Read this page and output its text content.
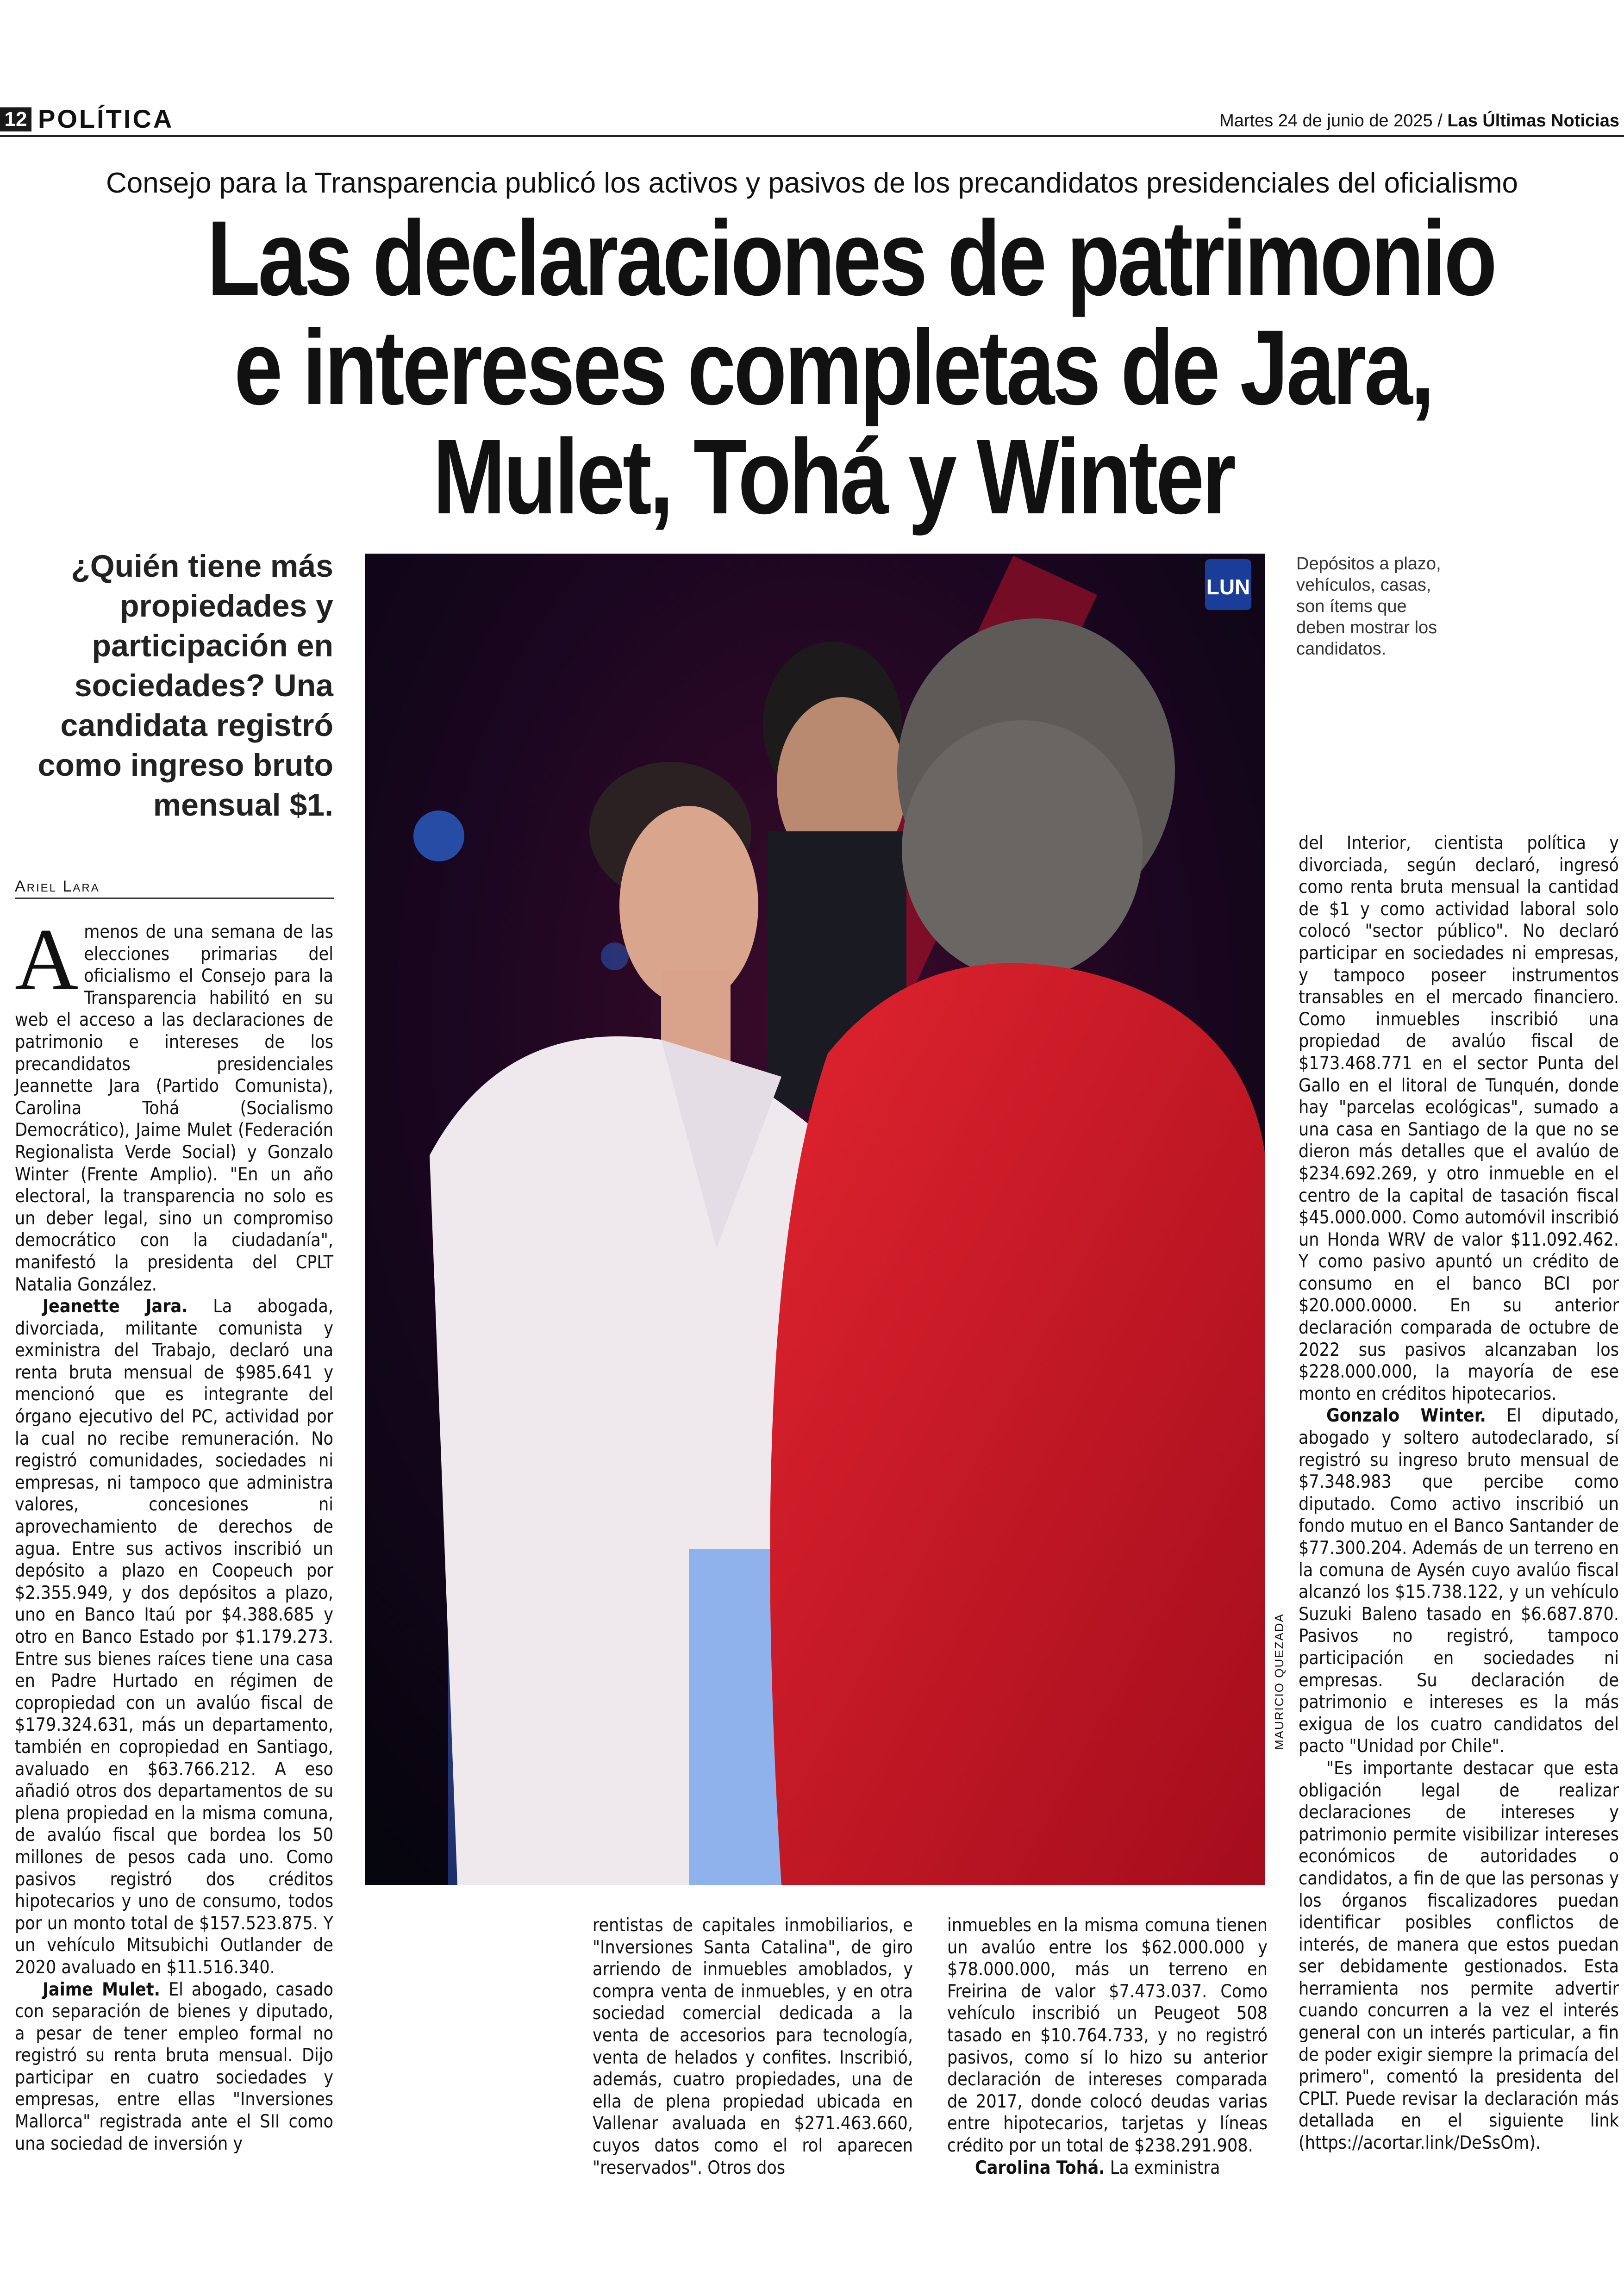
12 POLÍTICA	Martes 24 de junio de 2025 / Las Últimas Noticias
Consejo para la Transparencia publicó los activos y pasivos de los precandidatos presidenciales del oficialismo
Las declaraciones de patrimonio
e intereses completas de Jara,
Mulet, Tohá y Winter
¿Quién tiene más propiedades y participación en sociedades? Una candidata registró como ingreso bruto mensual $1.
Ariel Lara
LUN
MAURICIO QUEZADA
Depósitos a plazo, vehículos, casas, son ítems que deben mostrar los candidatos.

Amenos de una semana de las elecciones primarias del oficialismo el Consejo para la Transparencia habilitó en su web el acceso a las declaraciones de patrimonio e intereses de los precandidatos presidenciales Jeannette Jara (Partido Comunista), Carolina Tohá (Socialismo Democrático), Jaime Mulet (Federación Regionalista Verde Social) y Gonzalo Winter (Frente Amplio). "En un año electoral, la transparencia no solo es un deber legal, sino un compromiso democrático con la ciudadanía", manifestó la presidenta del CPLT Natalia González.

Jeanette Jara. La abogada, divorciada, militante comunista y exministra del Trabajo, declaró una renta bruta mensual de $985.641 y mencionó que es integrante del órgano ejecutivo del PC, actividad por la cual no recibe remuneración. No registró comunidades, sociedades ni empresas, ni tampoco que administra valores, concesiones ni aprovechamiento de derechos de agua. Entre sus activos inscribió un depósito a plazo en Coopeuch por $2.355.949, y dos depósitos a plazo, uno en Banco Itaú por $4.388.685 y otro en Banco Estado por $1.179.273. Entre sus bienes raíces tiene una casa en Padre Hurtado en régimen de copropiedad con un avalúo fiscal de $179.324.631, más un departamento, también en copropiedad en Santiago, avaluado en $63.766.212. A eso añadió otros dos departamentos de su plena propiedad en la misma comuna, de avalúo fiscal que bordea los 50 millones de pesos cada uno. Como pasivos registró dos créditos hipotecarios y uno de consumo, todos por un monto total de $157.523.875. Y un vehículo Mitsubichi Outlander de 2020 avaluado en $11.516.340.

Jaime Mulet. El abogado, casado con separación de bienes y diputado, a pesar de tener empleo formal no registró su renta bruta mensual. Dijo participar en cuatro sociedades y empresas, entre ellas "Inversiones Mallorca" registrada ante el SII como una sociedad de inversión y

rentistas de capitales inmobiliarios, e "Inversiones Santa Catalina", de giro arriendo de inmuebles amoblados, y compra venta de inmuebles, y en otra sociedad comercial dedicada a la venta de accesorios para tecnología, venta de helados y confites. Inscribió, además, cuatro propiedades, una de ella de plena propiedad ubicada en Vallenar avaluada en $271.463.660, cuyos datos como el rol aparecen "reservados". Otros dos

inmuebles en la misma comuna tienen un avalúo entre los $62.000.000 y $78.000.000, más un terreno en Freirina de valor $7.473.037. Como vehículo inscribió un Peugeot 508 tasado en $10.764.733, y no registró pasivos, como sí lo hizo su anterior declaración de intereses comparada de 2017, donde colocó deudas varias entre hipotecarios, tarjetas y líneas crédito por un total de $238.291.908.

Carolina Tohá. La exministra

del Interior, cientista política y divorciada, según declaró, ingresó como renta bruta mensual la cantidad de $1 y como actividad laboral solo colocó "sector público". No declaró participar en sociedades ni empresas, y tampoco poseer instrumentos transables en el mercado financiero. Como inmuebles inscribió una propiedad de avalúo fiscal de $173.468.771 en el sector Punta del Gallo en el litoral de Tunquén, donde hay "parcelas ecológicas", sumado a una casa en Santiago de la que no se dieron más detalles que el avalúo de $234.692.269, y otro inmueble en el centro de la capital de tasación fiscal $45.000.000. Como automóvil inscribió un Honda WRV de valor $11.092.462. Y como pasivo apuntó un crédito de consumo en el banco BCI por $20.000.0000. En su anterior declaración comparada de octubre de 2022 sus pasivos alcanzaban los $228.000.000, la mayoría de ese monto en créditos hipotecarios.

Gonzalo Winter. El diputado, abogado y soltero autodeclarado, sí registró su ingreso bruto mensual de $7.348.983 que percibe como diputado. Como activo inscribió un fondo mutuo en el Banco Santander de $77.300.204. Además de un terreno en la comuna de Aysén cuyo avalúo fiscal alcanzó los $15.738.122, y un vehículo Suzuki Baleno tasado en $6.687.870. Pasivos no registró, tampoco participación en sociedades ni empresas. Su declaración de patrimonio e intereses es la más exigua de los cuatro candidatos del pacto "Unidad por Chile".

"Es importante destacar que esta obligación legal de realizar declaraciones de intereses y patrimonio permite visibilizar intereses económicos de autoridades o candidatos, a fin de que las personas y los órganos fiscalizadores puedan identificar posibles conflictos de interés, de manera que estos puedan ser debidamente gestionados. Esta herramienta nos permite advertir cuando concurren a la vez el interés general con un interés particular, a fin de poder exigir siempre la primacía del primero", comentó la presidenta del CPLT. Puede revisar la declaración más detallada en el siguiente link (https://acortar.link/DeSsOm).
